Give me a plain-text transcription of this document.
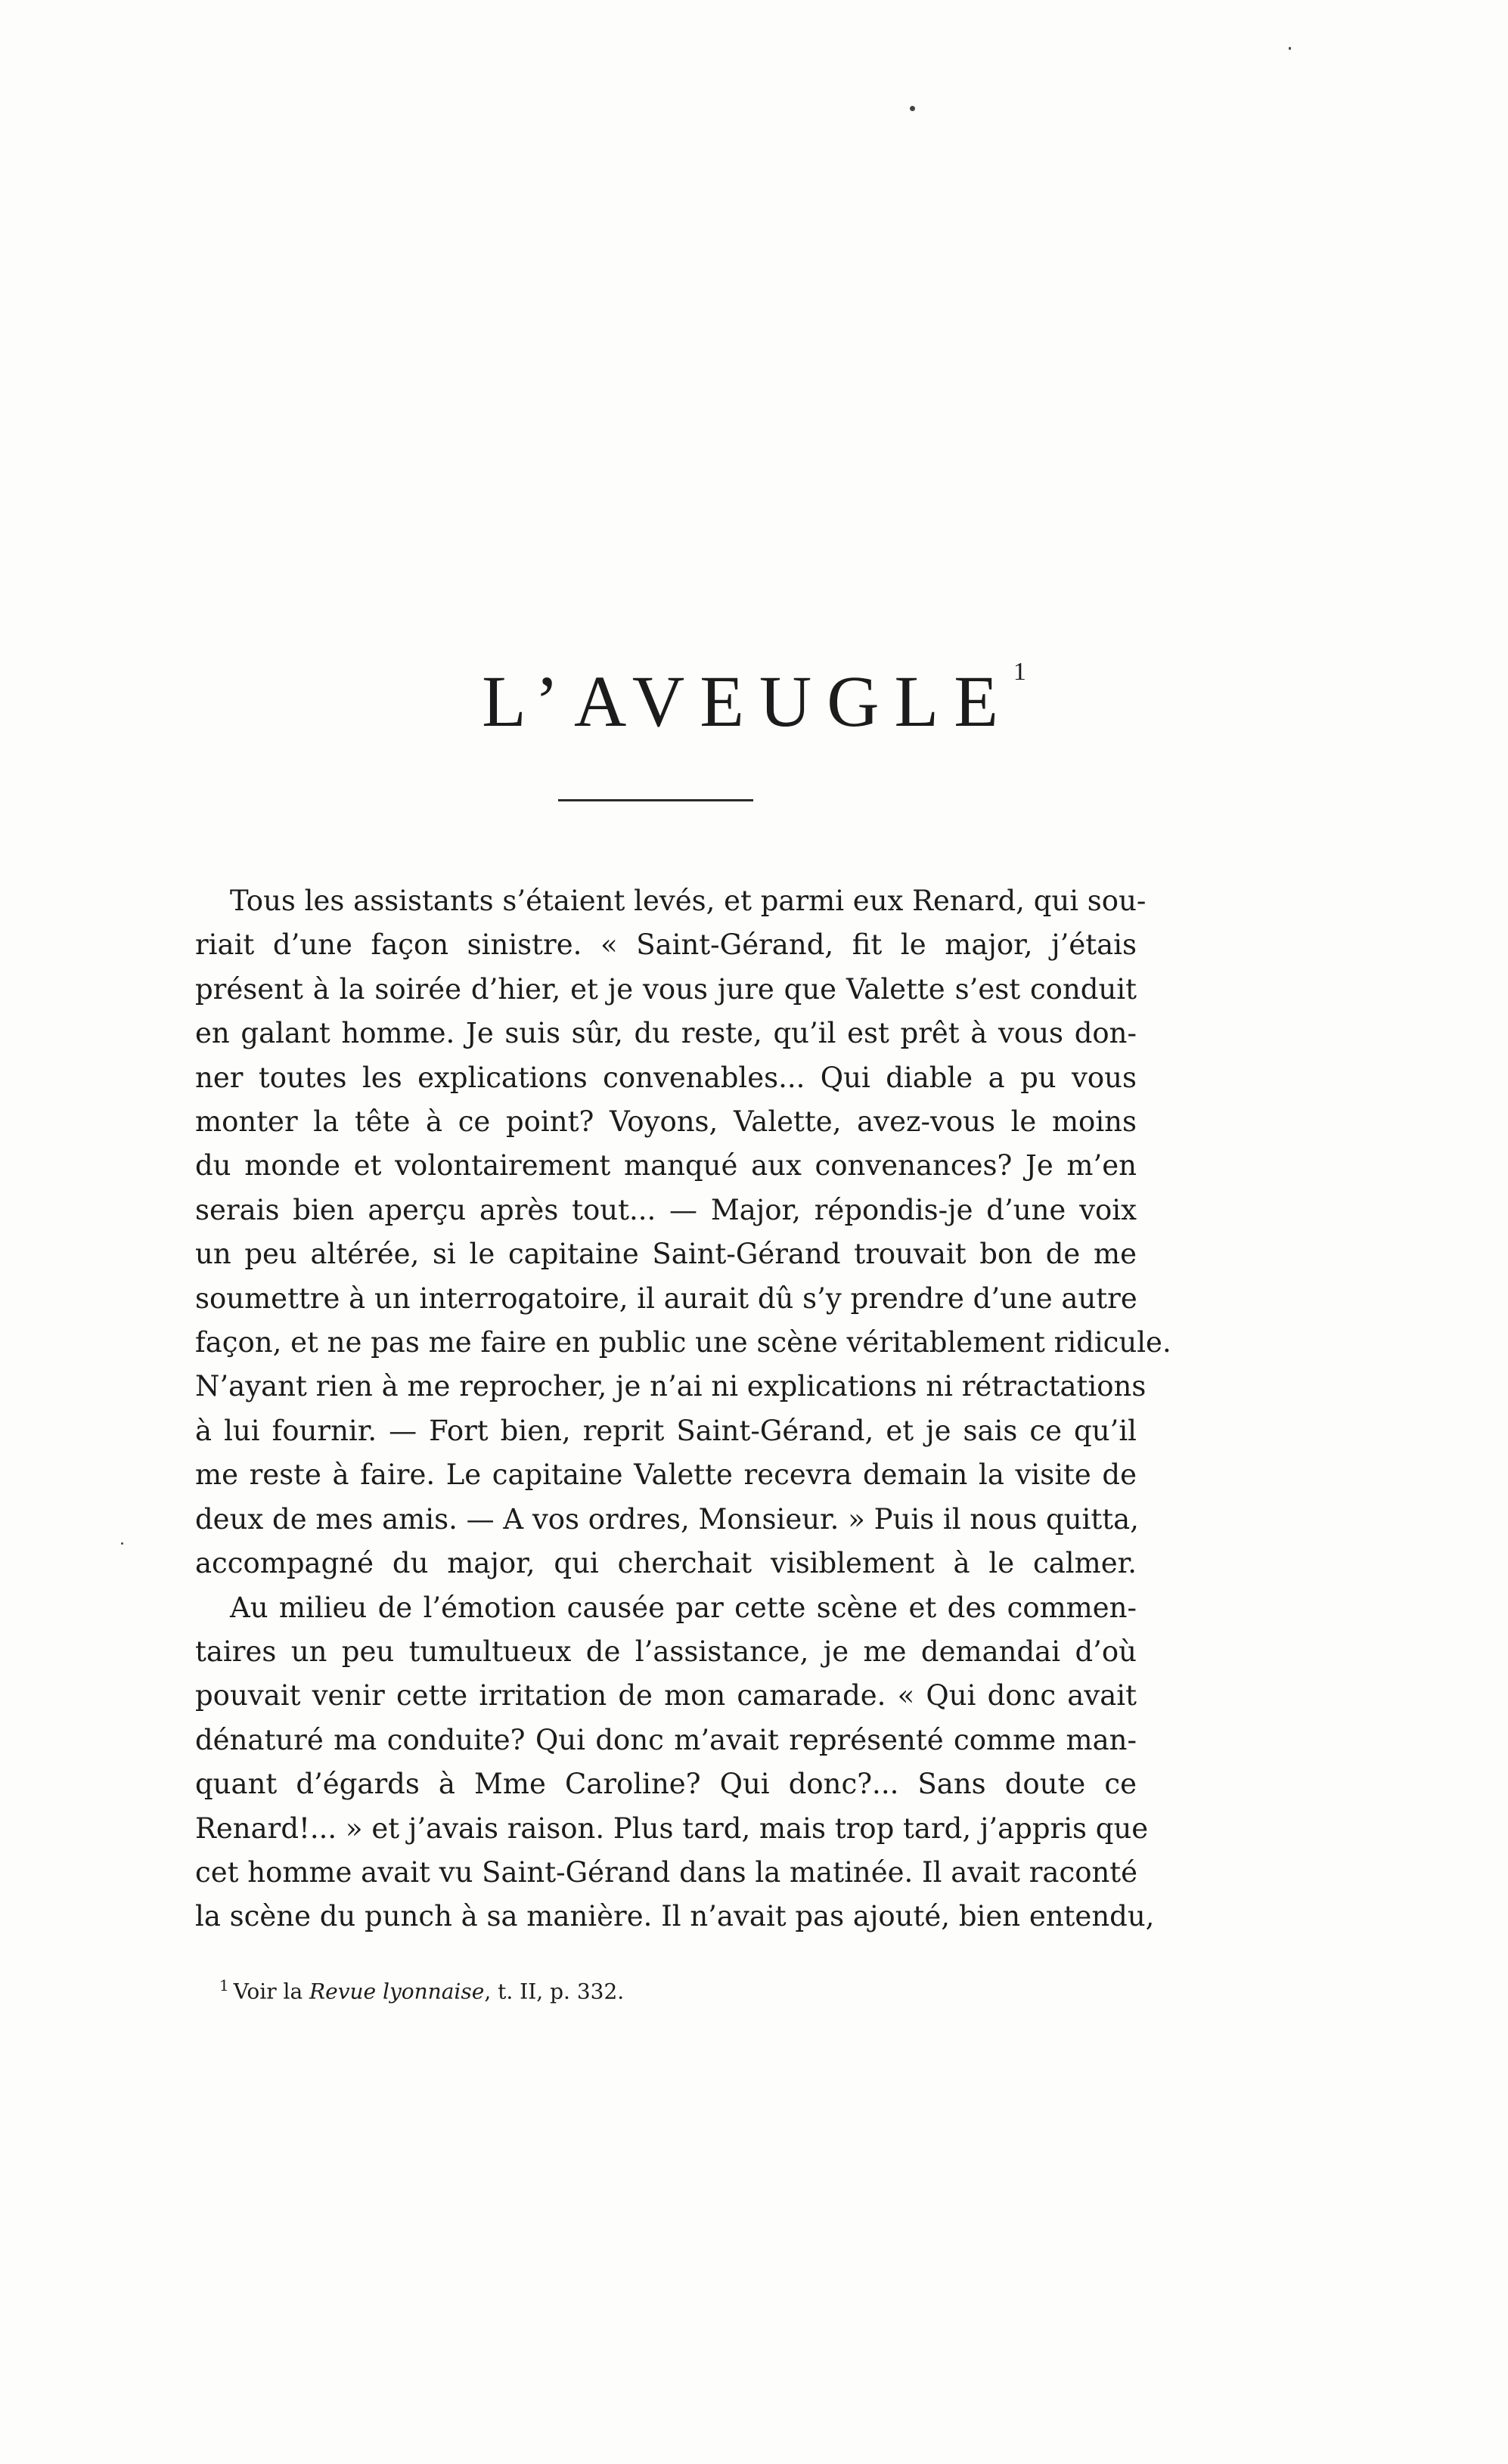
L’AVEUGLE$^1$
Tous les assistants s’étaient levés, et parmi eux Renard, qui sou-
riait d’une façon sinistre. « Saint-Gérand, fit le major, j’étais
présent à la soirée d’hier, et je vous jure que Valette s’est conduit
en galant homme. Je suis sûr, du reste, qu’il est prêt à vous don-
ner toutes les explications convenables... Qui diable a pu vous
monter la tête à ce point? Voyons, Valette, avez-vous le moins
du monde et volontairement manqué aux convenances? Je m’en
serais bien aperçu après tout... — Major, répondis-je d’une voix
un peu altérée, si le capitaine Saint-Gérand trouvait bon de me
soumettre à un interrogatoire, il aurait dû s’y prendre d’une autre
façon, et ne pas me faire en public une scène véritablement ridicule.
N’ayant rien à me reprocher, je n’ai ni explications ni rétractations
à lui fournir. — Fort bien, reprit Saint-Gérand, et je sais ce qu’il
me reste à faire. Le capitaine Valette recevra demain la visite de
deux de mes amis. — A vos ordres, Monsieur. » Puis il nous quitta,
accompagné du major, qui cherchait visiblement à le calmer.
Au milieu de l’émotion causée par cette scène et des commen-
taires un peu tumultueux de l’assistance, je me demandai d’où
pouvait venir cette irritation de mon camarade. « Qui donc avait
dénaturé ma conduite? Qui donc m’avait représenté comme man-
quant d’égards à Mme Caroline? Qui donc?... Sans doute ce
Renard!... » et j’avais raison. Plus tard, mais trop tard, j’appris que
cet homme avait vu Saint-Gérand dans la matinée. Il avait raconté
la scène du punch à sa manière. Il n’avait pas ajouté, bien entendu,
$^1$ Voir la Revue lyonnaise, t. II, p. 332.
